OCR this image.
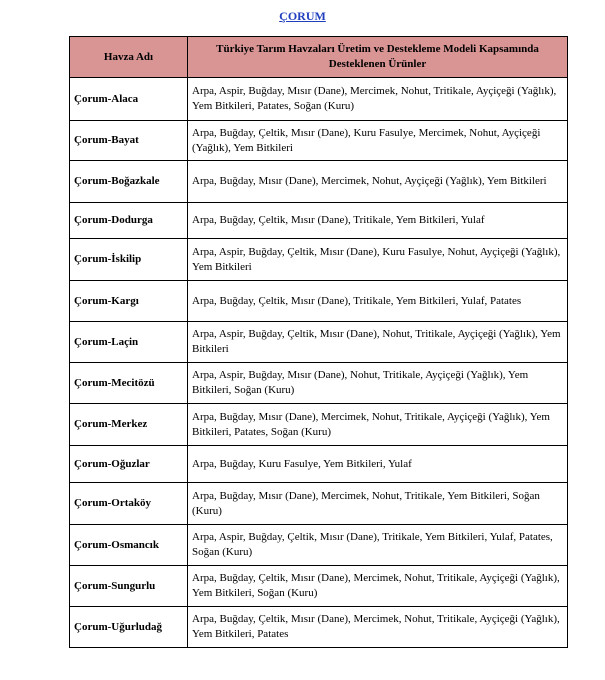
ÇORUM
Havza Adı	Türkiye Tarım Havzaları Üretim ve Destekleme Modeli Kapsamında Desteklenen Ürünler
Çorum-Alaca	Arpa, Aspir, Buğday, Mısır (Dane), Mercimek, Nohut, Tritikale, Ayçiçeği (Yağlık), Yem Bitkileri, Patates, Soğan (Kuru)
Çorum-Bayat	Arpa, Buğday, Çeltik, Mısır (Dane), Kuru Fasulye, Mercimek, Nohut, Ayçiçeği (Yağlık), Yem Bitkileri
Çorum-Boğazkale	Arpa, Buğday, Mısır (Dane), Mercimek, Nohut, Ayçiçeği (Yağlık), Yem Bitkileri
Çorum-Dodurga	Arpa, Buğday, Çeltik, Mısır (Dane), Tritikale, Yem Bitkileri, Yulaf
Çorum-İskilip	Arpa, Aspir, Buğday, Çeltik, Mısır (Dane), Kuru Fasulye, Nohut, Ayçiçeği (Yağlık), Yem Bitkileri
Çorum-Kargı	Arpa, Buğday, Çeltik, Mısır (Dane), Tritikale, Yem Bitkileri, Yulaf, Patates
Çorum-Laçin	Arpa, Aspir, Buğday, Çeltik, Mısır (Dane), Nohut, Tritikale, Ayçiçeği (Yağlık), Yem Bitkileri
Çorum-Mecitözü	Arpa, Aspir, Buğday, Mısır (Dane), Nohut, Tritikale, Ayçiçeği (Yağlık), Yem Bitkileri, Soğan (Kuru)
Çorum-Merkez	Arpa, Buğday, Mısır (Dane), Mercimek, Nohut, Tritikale, Ayçiçeği (Yağlık), Yem Bitkileri, Patates, Soğan (Kuru)
Çorum-Oğuzlar	Arpa, Buğday, Kuru Fasulye, Yem Bitkileri, Yulaf
Çorum-Ortaköy	Arpa, Buğday, Mısır (Dane), Mercimek, Nohut, Tritikale, Yem Bitkileri, Soğan (Kuru)
Çorum-Osmancık	Arpa, Aspir, Buğday, Çeltik, Mısır (Dane), Tritikale, Yem Bitkileri, Yulaf, Patates, Soğan (Kuru)
Çorum-Sungurlu	Arpa, Buğday, Çeltik, Mısır (Dane), Mercimek, Nohut, Tritikale, Ayçiçeği (Yağlık), Yem Bitkileri, Soğan (Kuru)
Çorum-Uğurludağ	Arpa, Buğday, Çeltik, Mısır (Dane), Mercimek, Nohut, Tritikale, Ayçiçeği (Yağlık), Yem Bitkileri, Patates
